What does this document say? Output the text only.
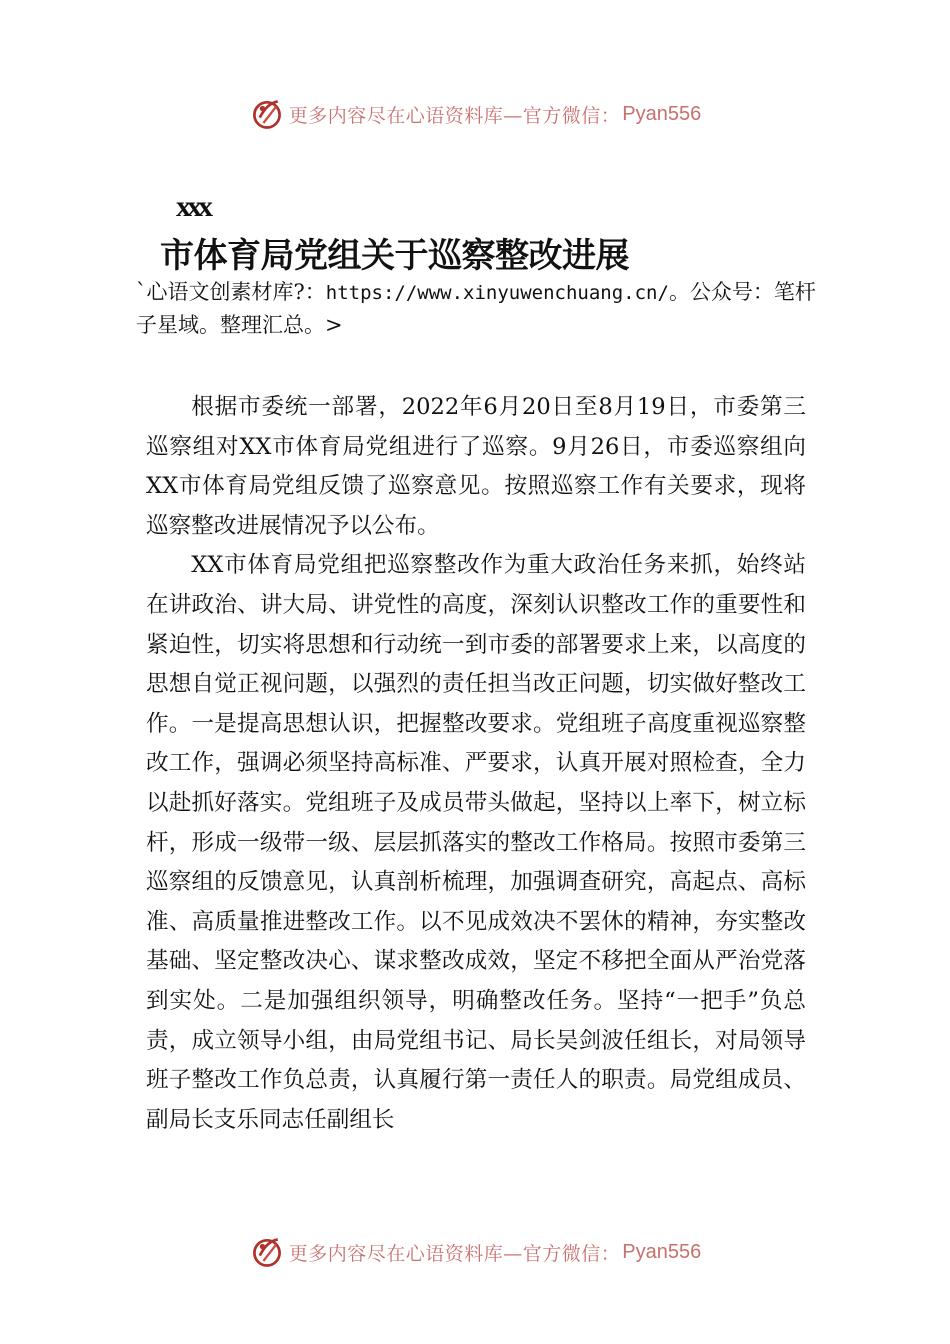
更多内容尽在心语资料库—官方微信： Pyan556
xxx
市体育局党组关于巡察整改进展
`心语文创素材库?：https://www.xinyuwenchuang.cn/。公众号：笔杆子星域。整理汇总。>

根据市委统一部署，2022年6月20日至8月19日，市委第三巡察组对XX市体育局党组进行了巡察。9月26日，市委巡察组向XX市体育局党组反馈了巡察意见。按照巡察工作有关要求，现将巡察整改进展情况予以公布。

XX市体育局党组把巡察整改作为重大政治任务来抓，始终站在讲政治、讲大局、讲党性的高度，深刻认识整改工作的重要性和紧迫性，切实将思想和行动统一到市委的部署要求上来，以高度的思想自觉正视问题，以强烈的责任担当改正问题，切实做好整改工作。一是提高思想认识，把握整改要求。党组班子高度重视巡察整改工作，强调必须坚持高标准、严要求，认真开展对照检查，全力以赴抓好落实。党组班子及成员带头做起，坚持以上率下，树立标杆，形成一级带一级、层层抓落实的整改工作格局。按照市委第三巡察组的反馈意见，认真剖析梳理，加强调查研究，高起点、高标准、高质量推进整改工作。以不见成效决不罢休的精神，夯实整改基础、坚定整改决心、谋求整改成效，坚定不移把全面从严治党落到实处。二是加强组织领导，明确整改任务。坚持“一把手”负总责，成立领导小组，由局党组书记、局长吴剑波任组长，对局领导班子整改工作负总责，认真履行第一责任人的职责。局党组成员、副局长支乐同志任副组长

更多内容尽在心语资料库—官方微信： Pyan556
